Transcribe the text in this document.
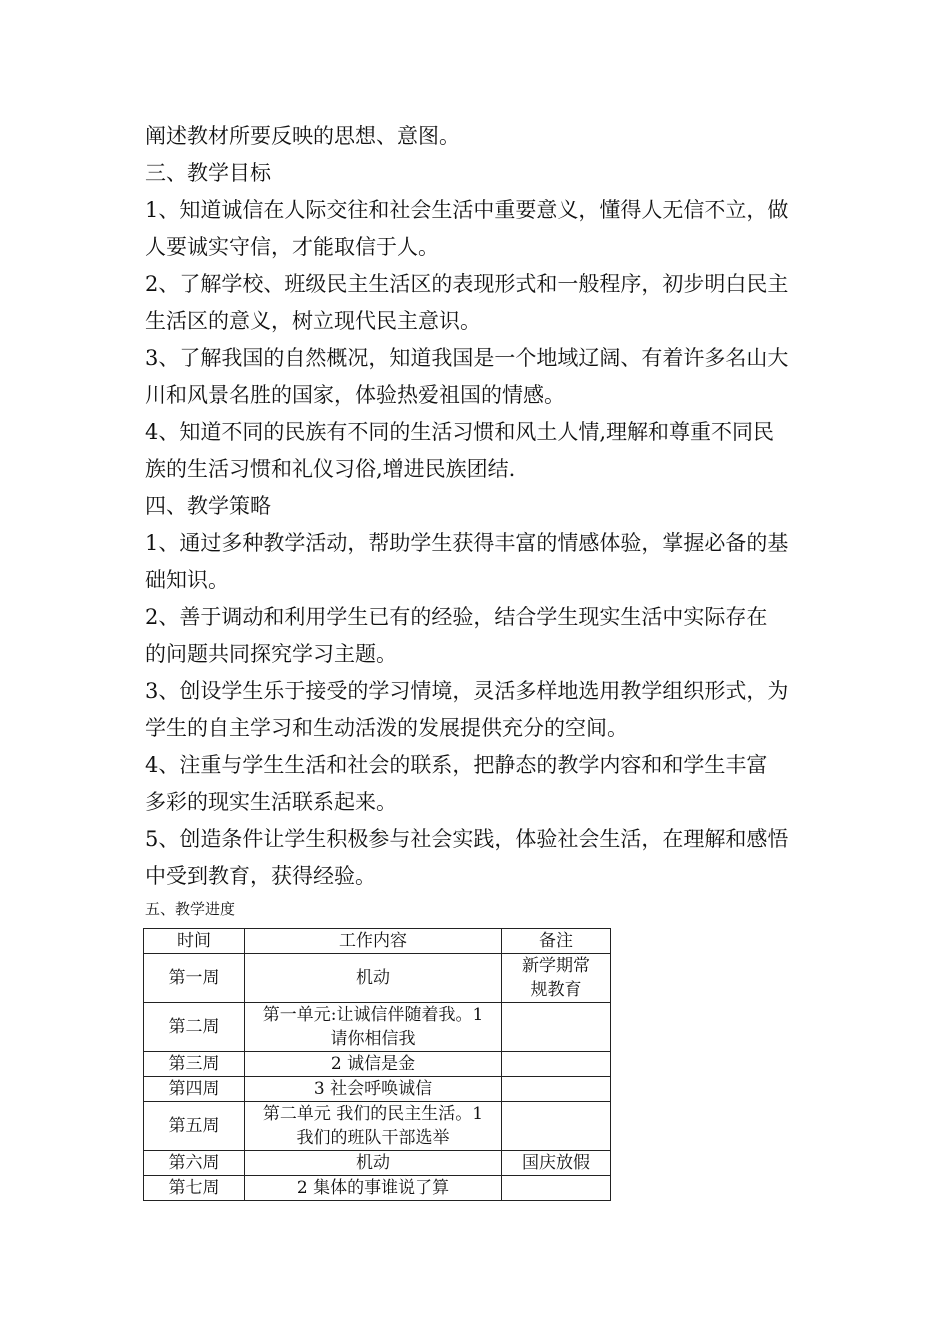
阐述教材所要反映的思想、意图。
三、教学目标
1、知道诚信在人际交往和社会生活中重要意义，懂得人无信不立，做
人要诚实守信，才能取信于人。
2、了解学校、班级民主生活区的表现形式和一般程序，初步明白民主
生活区的意义，树立现代民主意识。
3、了解我国的自然概况，知道我国是一个地域辽阔、有着许多名山大
川和风景名胜的国家，体验热爱祖国的情感。
4、知道不同的民族有不同的生活习惯和风土人情,理解和尊重不同民
族的生活习惯和礼仪习俗,增进民族团结.
四、教学策略
1、通过多种教学活动，帮助学生获得丰富的情感体验，掌握必备的基
础知识。
2、善于调动和利用学生已有的经验，结合学生现实生活中实际存在
的问题共同探究学习主题。
3、创设学生乐于接受的学习情境，灵活多样地选用教学组织形式，为
学生的自主学习和生动活泼的发展提供充分的空间。
4、注重与学生生活和社会的联系，把静态的教学内容和和学生丰富
多彩的现实生活联系起来。
5、创造条件让学生积极参与社会实践，体验社会生活，在理解和感悟
中受到教育，获得经验。
五、教学进度
时间	工作内容	备注
第一周	机动	新学期常
规教育

第二周	第一单元:让诚信伴随着我。1
请你相信我	

第三周	2 诚信是金	
第四周	3 社会呼唤诚信	
第五周	第二单元 我们的民主生活。1
我们的班队干部选举	

第六周	机动	国庆放假
第七周	2 集体的事谁说了算	
